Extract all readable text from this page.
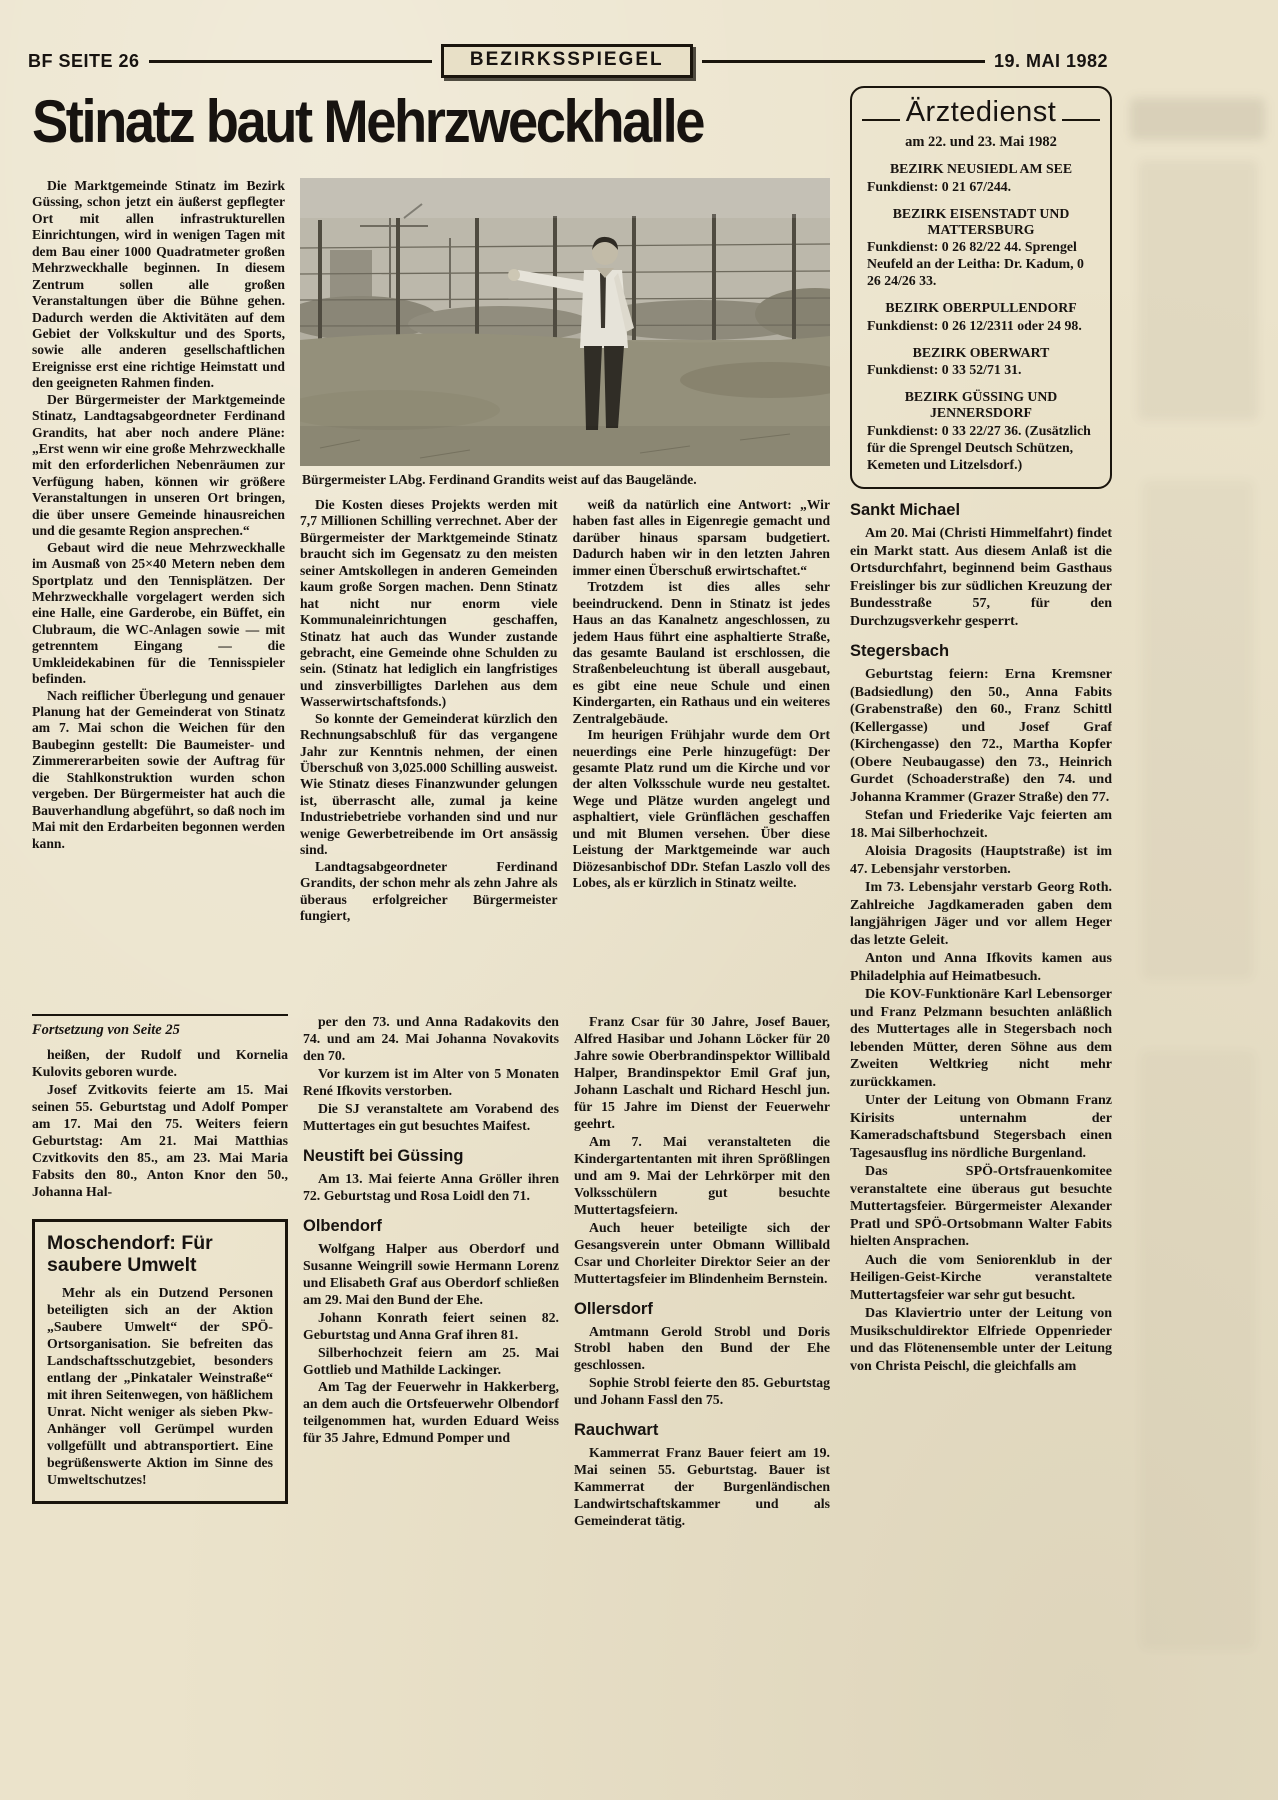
BF SEITE 26	BEZIRKSSPIEGEL	19. MAI 1982
Stinatz baut Mehrzweckhalle

Die Marktgemeinde Stinatz im Bezirk Güssing, schon jetzt ein äußerst gepflegter Ort mit allen infrastrukturellen Einrichtungen, wird in wenigen Tagen mit dem Bau einer 1000 Quadratmeter großen Mehrzweckhalle beginnen. In diesem Zentrum sollen alle großen Veranstaltungen über die Bühne gehen. Dadurch werden die Aktivitäten auf dem Gebiet der Volkskultur und des Sports, sowie alle anderen gesellschaftlichen Ereignisse erst eine richtige Heimstatt und den geeigneten Rahmen finden.

Der Bürgermeister der Marktgemeinde Stinatz, Landtagsabgeordneter Ferdinand Grandits, hat aber noch andere Pläne: „Erst wenn wir eine große Mehrzweckhalle mit den erforderlichen Nebenräumen zur Verfügung haben, können wir größere Veranstaltungen in unseren Ort bringen, die über unsere Gemeinde hinausreichen und die gesamte Region ansprechen.“

Gebaut wird die neue Mehrzweckhalle im Ausmaß von 25×40 Metern neben dem Sportplatz und den Tennisplätzen. Der Mehrzweckhalle vorgelagert werden sich eine Halle, eine Garderobe, ein Büffet, ein Clubraum, die WC-Anlagen sowie — mit getrenntem Eingang — die Umkleidekabinen für die Tennisspieler befinden.

Nach reiflicher Überlegung und genauer Planung hat der Gemeinderat von Stinatz am 7. Mai schon die Weichen für den Baubeginn gestellt: Die Baumeister- und Zimmererarbeiten sowie der Auftrag für die Stahlkonstruktion wurden schon vergeben. Der Bürgermeister hat auch die Bauverhandlung abgeführt, so daß noch im Mai mit den Erdarbeiten begonnen werden kann.

Bürgermeister LAbg. Ferdinand Grandits weist auf das Baugelände.

Die Kosten dieses Projekts werden mit 7,7 Millionen Schilling verrechnet. Aber der Bürgermeister der Marktgemeinde Stinatz braucht sich im Gegensatz zu den meisten seiner Amtskollegen in anderen Gemeinden kaum große Sorgen machen. Denn Stinatz hat nicht nur enorm viele Kommunaleinrichtungen geschaffen, Stinatz hat auch das Wunder zustande gebracht, eine Gemeinde ohne Schulden zu sein. (Stinatz hat lediglich ein langfristiges und zinsverbilligtes Darlehen aus dem Wasserwirtschaftsfonds.)

So konnte der Gemeinderat kürzlich den Rechnungsabschluß für das vergangene Jahr zur Kenntnis nehmen, der einen Überschuß von 3,025.000 Schilling ausweist. Wie Stinatz dieses Finanzwunder gelungen ist, überrascht alle, zumal ja keine Industriebetriebe vorhanden sind und nur wenige Gewerbetreibende im Ort ansässig sind.

Landtagsabgeordneter Ferdinand Grandits, der schon mehr als zehn Jahre als überaus erfolgreicher Bürgermeister fungiert,

weiß da natürlich eine Antwort: „Wir haben fast alles in Eigenregie gemacht und darüber hinaus sparsam budgetiert. Dadurch haben wir in den letzten Jahren immer einen Überschuß erwirtschaftet.“

Trotzdem ist dies alles sehr beeindruckend. Denn in Stinatz ist jedes Haus an das Kanalnetz angeschlossen, zu jedem Haus führt eine asphaltierte Straße, das gesamte Bauland ist erschlossen, die Straßenbeleuchtung ist überall ausgebaut, es gibt eine neue Schule und einen Kindergarten, ein Rathaus und ein weiteres Zentralgebäude.

Im heurigen Frühjahr wurde dem Ort neuerdings eine Perle hinzugefügt: Der gesamte Platz rund um die Kirche und vor der alten Volksschule wurde neu gestaltet. Wege und Plätze wurden angelegt und asphaltiert, viele Grünflächen geschaffen und mit Blumen versehen. Über diese Leistung der Marktgemeinde war auch Diözesanbischof DDr. Stefan Laszlo voll des Lobes, als er kürzlich in Stinatz weilte.

Ärztedienst
am 22. und 23. Mai 1982
BEZIRK NEUSIEDL AM SEE
Funkdienst: 0 21 67/244.
BEZIRK EISENSTADT UND MATTERSBURG
Funkdienst: 0 26 82/22 44. Sprengel Neufeld an der Leitha: Dr. Kadum, 0 26 24/26 33.
BEZIRK OBERPULLENDORF
Funkdienst: 0 26 12/2311 oder 24 98.
BEZIRK OBERWART
Funkdienst: 0 33 52/71 31.
BEZIRK GÜSSING UND JENNERSDORF
Funkdienst: 0 33 22/27 36. (Zusätzlich für die Sprengel Deutsch Schützen, Kemeten und Litzelsdorf.)
Sankt Michael

Am 20. Mai (Christi Himmelfahrt) findet ein Markt statt. Aus diesem Anlaß ist die Ortsdurchfahrt, beginnend beim Gasthaus Freislinger bis zur südlichen Kreuzung der Bundesstraße 57, für den Durchzugsverkehr gesperrt.

Stegersbach

Geburtstag feiern: Erna Kremsner (Badsiedlung) den 50., Anna Fabits (Grabenstraße) den 60., Franz Schittl (Kellergasse) und Josef Graf (Kirchengasse) den 72., Martha Kopfer (Obere Neubaugasse) den 73., Heinrich Gurdet (Schoaderstraße) den 74. und Johanna Krammer (Grazer Straße) den 77.

Stefan und Friederike Vajc feierten am 18. Mai Silberhochzeit.

Aloisia Dragosits (Hauptstraße) ist im 47. Lebensjahr verstorben.

Im 73. Lebensjahr verstarb Georg Roth. Zahlreiche Jagdkameraden gaben dem langjährigen Jäger und vor allem Heger das letzte Geleit.

Anton und Anna Ifkovits kamen aus Philadelphia auf Heimatbesuch.

Die KOV-Funktionäre Karl Lebensorger und Franz Pelzmann besuchten anläßlich des Muttertages alle in Stegersbach noch lebenden Mütter, deren Söhne aus dem Zweiten Weltkrieg nicht mehr zurückkamen.

Unter der Leitung von Obmann Franz Kirisits unternahm der Kameradschaftsbund Stegersbach einen Tagesausflug ins nördliche Burgenland.

Das SPÖ-Ortsfrauenkomitee veranstaltete eine überaus gut besuchte Muttertagsfeier. Bürgermeister Alexander Pratl und SPÖ-Ortsobmann Walter Fabits hielten Ansprachen.

Auch die vom Seniorenklub in der Heiligen-Geist-Kirche veranstaltete Muttertagsfeier war sehr gut besucht.

Das Klaviertrio unter der Leitung von Musikschuldirektor Elfriede Oppenrieder und das Flötenensemble unter der Leitung von Christa Peischl, die gleichfalls am

Fortsetzung von Seite 25

heißen, der Rudolf und Kornelia Kulovits geboren wurde.

Josef Zvitkovits feierte am 15. Mai seinen 55. Geburtstag und Adolf Pomper am 17. Mai den 75. Weiters feiern Geburtstag: Am 21. Mai Matthias Czvitkovits den 85., am 23. Mai Maria Fabsits den 80., Anton Knor den 50., Johanna Hal-

Moschendorf: Für saubere Umwelt

Mehr als ein Dutzend Personen beteiligten sich an der Aktion „Saubere Umwelt“ der SPÖ-Ortsorganisation. Sie befreiten das Landschaftsschutzgebiet, besonders entlang der „Pinkataler Weinstraße“ mit ihren Seitenwegen, von häßlichem Unrat. Nicht weniger als sieben Pkw-Anhänger voll Gerümpel wurden vollgefüllt und abtransportiert. Eine begrüßenswerte Aktion im Sinne des Umweltschutzes!

per den 73. und Anna Radakovits den 74. und am 24. Mai Johanna Novakovits den 70.

Vor kurzem ist im Alter von 5 Monaten René Ifkovits verstorben.

Die SJ veranstaltete am Vorabend des Muttertages ein gut besuchtes Maifest.

Neustift bei Güssing

Am 13. Mai feierte Anna Gröller ihren 72. Geburtstag und Rosa Loidl den 71.

Olbendorf

Wolfgang Halper aus Oberdorf und Susanne Weingrill sowie Hermann Lorenz und Elisabeth Graf aus Oberdorf schließen am 29. Mai den Bund der Ehe.

Johann Konrath feiert seinen 82. Geburtstag und Anna Graf ihren 81.

Silberhochzeit feiern am 25. Mai Gottlieb und Mathilde Lackinger.

Am Tag der Feuerwehr in Hakkerberg, an dem auch die Ortsfeuerwehr Olbendorf teilgenommen hat, wurden Eduard Weiss für 35 Jahre, Edmund Pomper und

Franz Csar für 30 Jahre, Josef Bauer, Alfred Hasibar und Johann Löcker für 20 Jahre sowie Oberbrandinspektor Willibald Halper, Brandinspektor Emil Graf jun, Johann Laschalt und Richard Heschl jun. für 15 Jahre im Dienst der Feuerwehr geehrt.

Am 7. Mai veranstalteten die Kindergartentanten mit ihren Sprößlingen und am 9. Mai der Lehrkörper mit den Volksschülern gut besuchte Muttertagsfeiern.

Auch heuer beteiligte sich der Gesangsverein unter Obmann Willibald Csar und Chorleiter Direktor Seier an der Muttertagsfeier im Blindenheim Bernstein.

Ollersdorf

Amtmann Gerold Strobl und Doris Strobl haben den Bund der Ehe geschlossen.

Sophie Strobl feierte den 85. Geburtstag und Johann Fassl den 75.

Rauchwart

Kammerrat Franz Bauer feiert am 19. Mai seinen 55. Geburtstag. Bauer ist Kammerrat der Burgenländischen Landwirtschaftskammer und als Gemeinderat tätig.
